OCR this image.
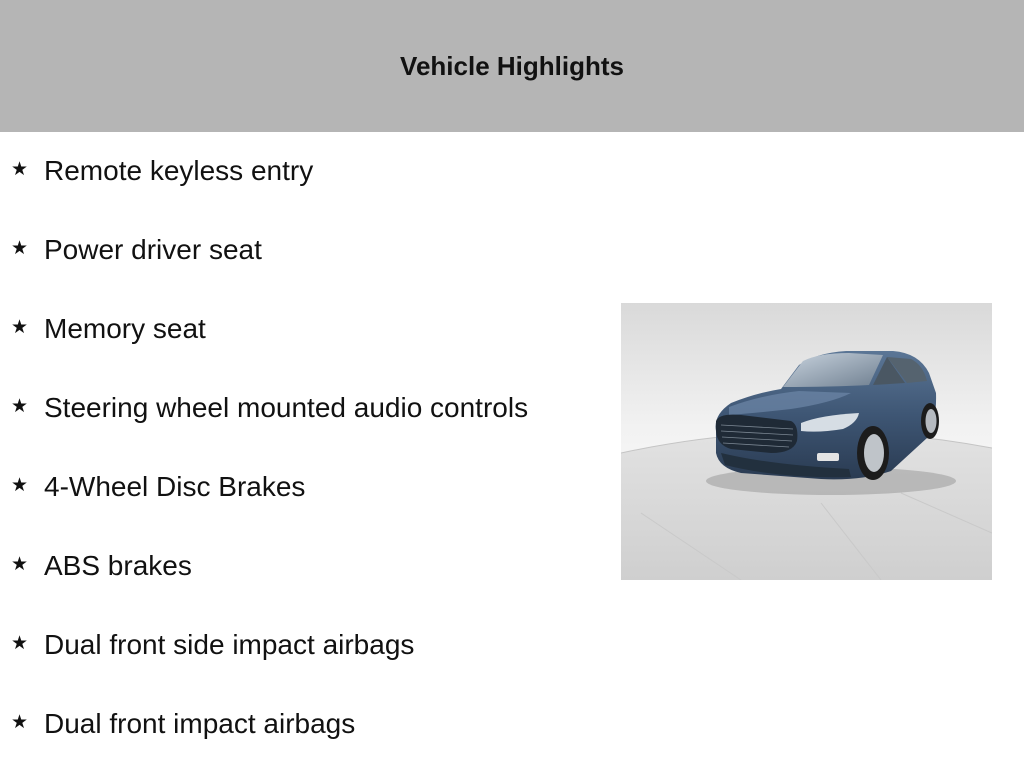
Vehicle Highlights
★ Remote keyless entry
★ Power driver seat
★ Memory seat
★ Steering wheel mounted audio controls
★ 4-Wheel Disc Brakes
★ ABS brakes
★ Dual front side impact airbags
★ Dual front impact airbags
